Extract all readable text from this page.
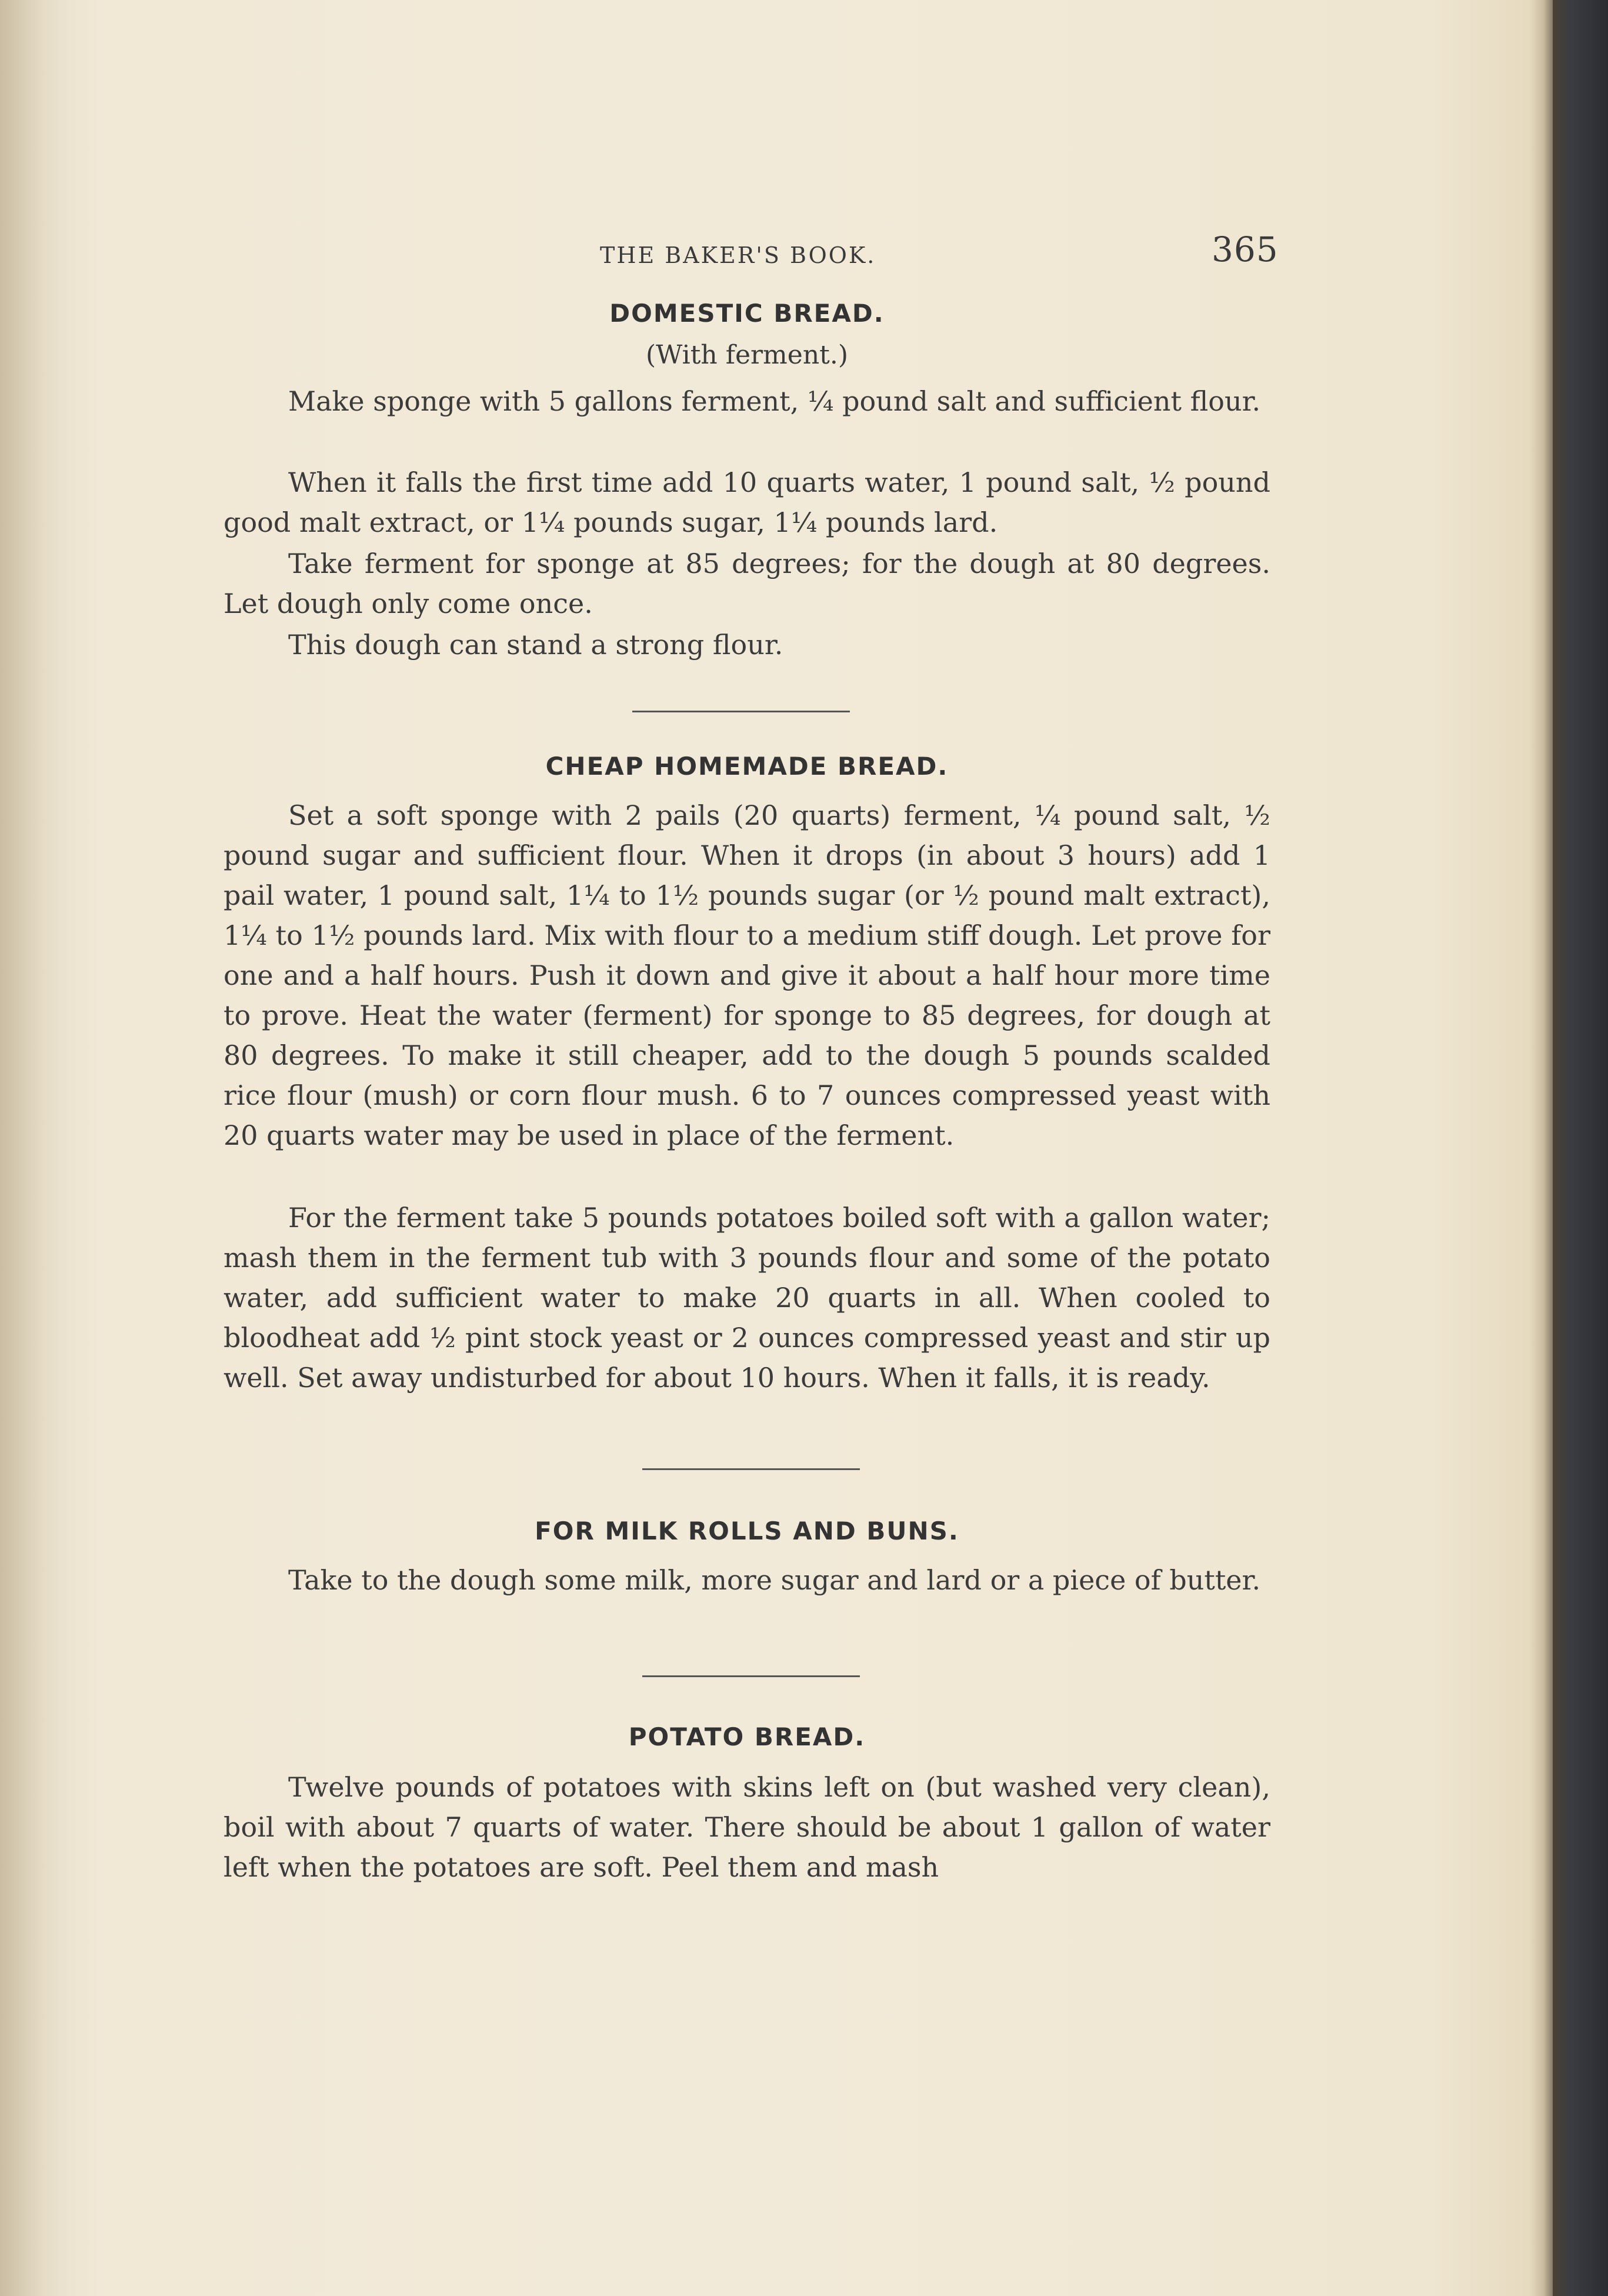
THE BAKER'S BOOK.	365
DOMESTIC BREAD.
(With ferment.)

Make sponge with 5 gallons ferment, ¼ pound salt and sufficient flour.

When it falls the first time add 10 quarts water, 1 pound salt, ½ pound good malt extract, or 1¼ pounds sugar, 1¼ pounds lard.

Take ferment for sponge at 85 degrees; for the dough at 80 degrees. Let dough only come once.

This dough can stand a strong flour.

CHEAP HOMEMADE BREAD.

Set a soft sponge with 2 pails (20 quarts) ferment, ¼ pound salt, ½ pound sugar and sufficient flour. When it drops (in about 3 hours) add 1 pail water, 1 pound salt, 1¼ to 1½ pounds sugar (or ½ pound malt extract), 1¼ to 1½ pounds lard. Mix with flour to a medium stiff dough. Let prove for one and a half hours. Push it down and give it about a half hour more time to prove. Heat the water (ferment) for sponge to 85 degrees, for dough at 80 degrees. To make it still cheaper, add to the dough 5 pounds scalded rice flour (mush) or corn flour mush. 6 to 7 ounces compressed yeast with 20 quarts water may be used in place of the ferment.

For the ferment take 5 pounds potatoes boiled soft with a gallon water; mash them in the ferment tub with 3 pounds flour and some of the potato water, add sufficient water to make 20 quarts in all. When cooled to bloodheat add ½ pint stock yeast or 2 ounces compressed yeast and stir up well. Set away undisturbed for about 10 hours. When it falls, it is ready.

FOR MILK ROLLS AND BUNS.

Take to the dough some milk, more sugar and lard or a piece of butter.

POTATO BREAD.

Twelve pounds of potatoes with skins left on (but washed very clean), boil with about 7 quarts of water. There should be about 1 gallon of water left when the potatoes are soft. Peel them and mash
